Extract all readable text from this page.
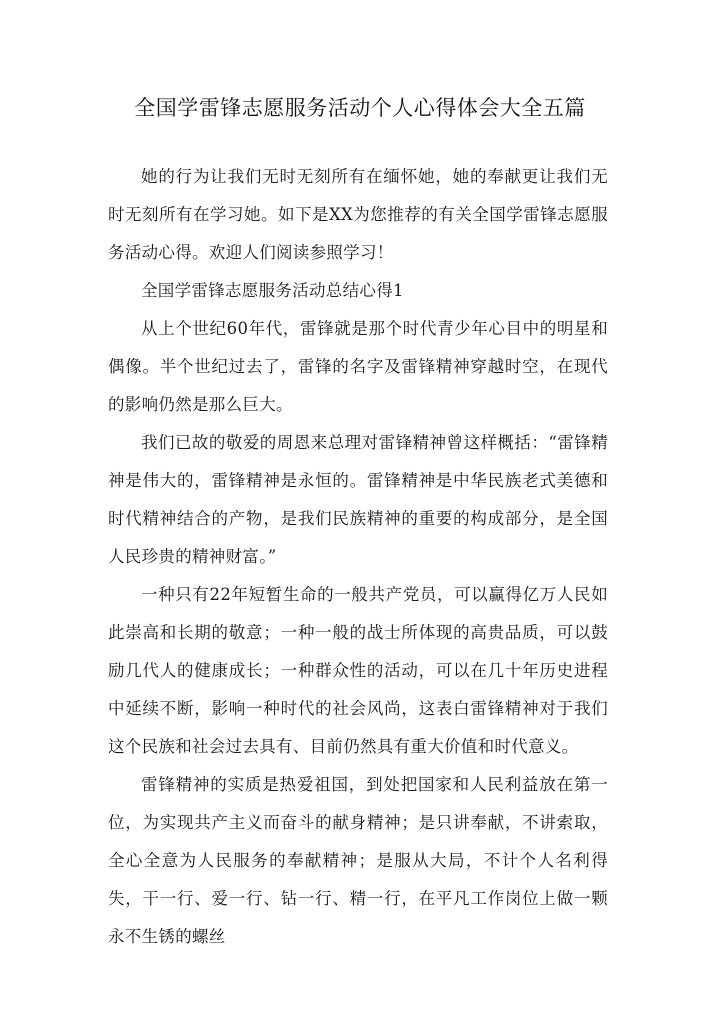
全国学雷锋志愿服务活动个人心得体会大全五篇

她的行为让我们无时无刻所有在缅怀她，她的奉献更让我们无时无刻所有在学习她。如下是XX为您推荐的有关全国学雷锋志愿服务活动心得。欢迎人们阅读参照学习！

全国学雷锋志愿服务活动总结心得1

从上个世纪60年代，雷锋就是那个时代青少年心目中的明星和偶像。半个世纪过去了，雷锋的名字及雷锋精神穿越时空，在现代的影响仍然是那么巨大。

我们已故的敬爱的周恩来总理对雷锋精神曾这样概括：“雷锋精神是伟大的，雷锋精神是永恒的。雷锋精神是中华民族老式美德和时代精神结合的产物，是我们民族精神的重要的构成部分，是全国人民珍贵的精神财富。”

一种只有22年短暂生命的一般共产党员，可以赢得亿万人民如此崇高和长期的敬意；一种一般的战士所体现的高贵品质，可以鼓励几代人的健康成长；一种群众性的活动，可以在几十年历史进程中延续不断，影响一种时代的社会风尚，这表白雷锋精神对于我们这个民族和社会过去具有、目前仍然具有重大价值和时代意义。

雷锋精神的实质是热爱祖国，到处把国家和人民利益放在第一位，为实现共产主义而奋斗的献身精神；是只讲奉献，不讲索取，全心全意为人民服务的奉献精神；是服从大局，不计个人名利得失，干一行、爱一行、钻一行、精一行，在平凡工作岗位上做一颗永不生锈的螺丝
